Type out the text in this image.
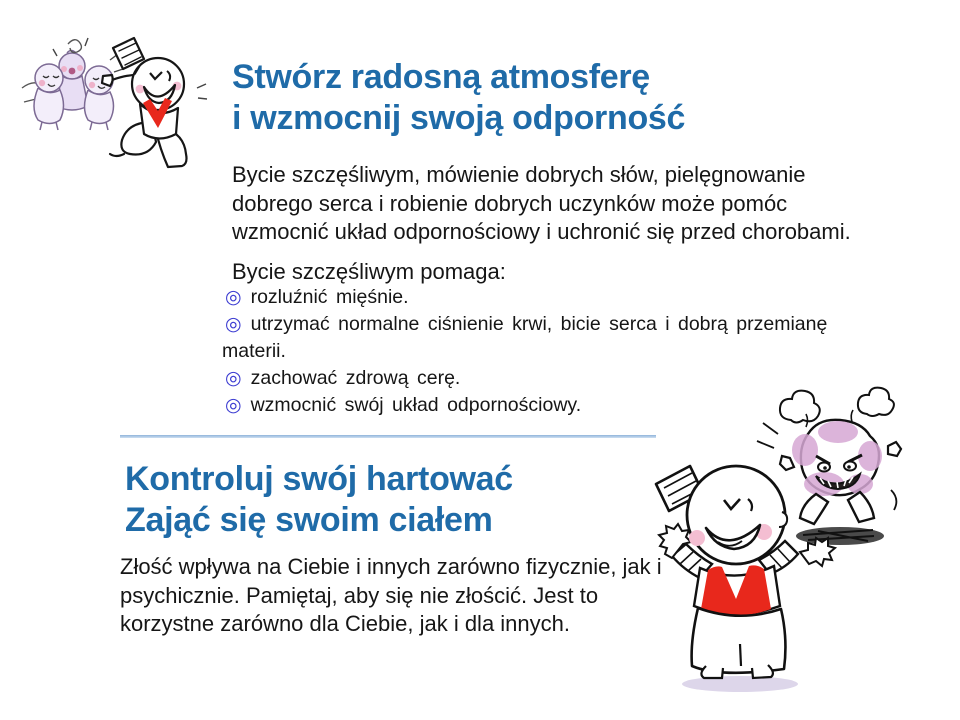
Stwórz radosną atmosferę
i wzmocnij swoją odporność
Bycie szczęśliwym, mówienie dobrych słów, pielęgnowanie dobrego serca i robienie dobrych uczynków może pomóc wzmocnić układ odpornościowy i uchronić się przed chorobami.
Bycie szczęśliwym pomaga:
◎ rozluźnić mięśnie.
◎ utrzymać normalne ciśnienie krwi, bicie serca i dobrą przemianę materii.
◎ zachować zdrową cerę.
◎ wzmocnić swój układ odpornościowy.
Kontroluj swój hartować
Zająć się swoim ciałem
Złość wpływa na Ciebie i innych zarówno fizycznie, jak i psychicznie. Pamiętaj, aby się nie złościć. Jest to korzystne zarówno dla Ciebie, jak i dla innych.
